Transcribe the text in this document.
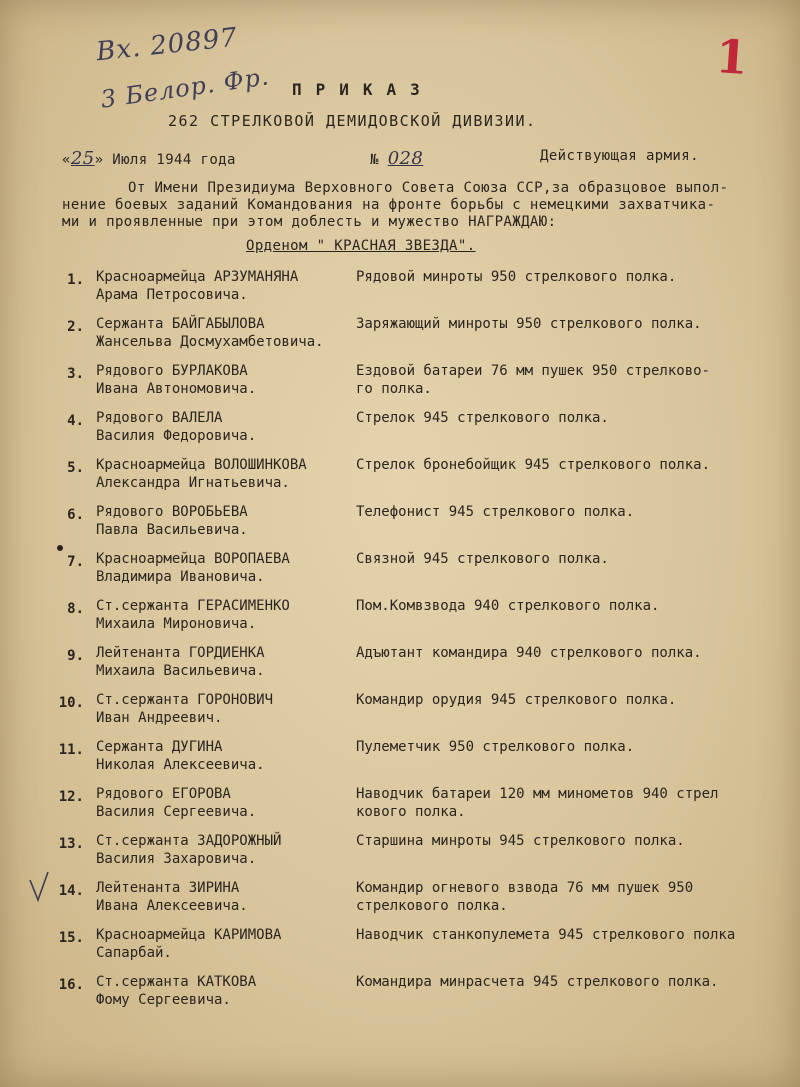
Вх. 20897
3 Белор. Фр.
1
ПРИКАЗ
262 СТРЕЛКОВОЙ ДЕМИДОВСКОЙ ДИВИЗИИ.
«25» Июля 1944 года	№ 028	Действующая армия.
От Имени Президиума Верховного Совета Союза ССР,за образцовое выпол-
нение боевых заданий Командования на фронте борьбы с немецкими захватчика-
ми и проявленные при этом доблесть и мужество НАГРАЖДАЮ:
Орденом " КРАСНАЯ ЗВЕЗДА".
1. Красноармейца АРЗУМАНЯНА
Арама Петросовича.
Рядовой минроты 950 стрелкового полка.
2. Сержанта БАЙГАБЫЛОВА
Жансельва Досмухамбетовича.
Заряжающий минроты 950 стрелкового полка.
3. Рядового БУРЛАКОВА
Ивана Автономовича.
Ездовой батареи 76 мм пушек 950 стрелково-
го полка.
4. Рядового ВАЛЕЛА
Василия Федоровича.
Стрелок 945 стрелкового полка.
5. Красноармейца ВОЛОШИНКОВА
Александра Игнатьевича.
Стрелок бронебойщик 945 стрелкового полка.
6. Рядового ВОРОБЬЕВА
Павла Васильевича.
Телефонист 945 стрелкового полка.
7. Красноармейца ВОРОПАЕВА
Владимира Ивановича.
Связной 945 стрелкового полка.
8. Ст.сержанта ГЕРАСИМЕНКО
Михаила Мироновича.
Пом.Комвзвода 940 стрелкового полка.
9. Лейтенанта ГОРДИЕНКА
Михаила Васильевича.
Адъютант командира 940 стрелкового полка.
10. Ст.сержанта ГОРОНОВИЧ
Иван Андреевич.
Командир орудия 945 стрелкового полка.
11. Сержанта ДУГИНА
Николая Алексеевича.
Пулеметчик 950 стрелкового полка.
12. Рядового ЕГОРОВА
Василия Сергеевича.
Наводчик батареи 120 мм минометов 940 стрел
кового полка.
13. Ст.сержанта ЗАДОРОЖНЫЙ
Василия Захаровича.
Старшина минроты 945 стрелкового полка.
14. Лейтенанта ЗИРИНА
Ивана Алексеевича.
Командир огневого взвода 76 мм пушек 950
стрелкового полка.
15. Красноармейца КАРИМОВА
Сапарбай.
Наводчик станкопулемета 945 стрелкового полка
16. Ст.сержанта КАТКОВА
Фому Сергеевича.
Командира минрасчета 945 стрелкового полка.
